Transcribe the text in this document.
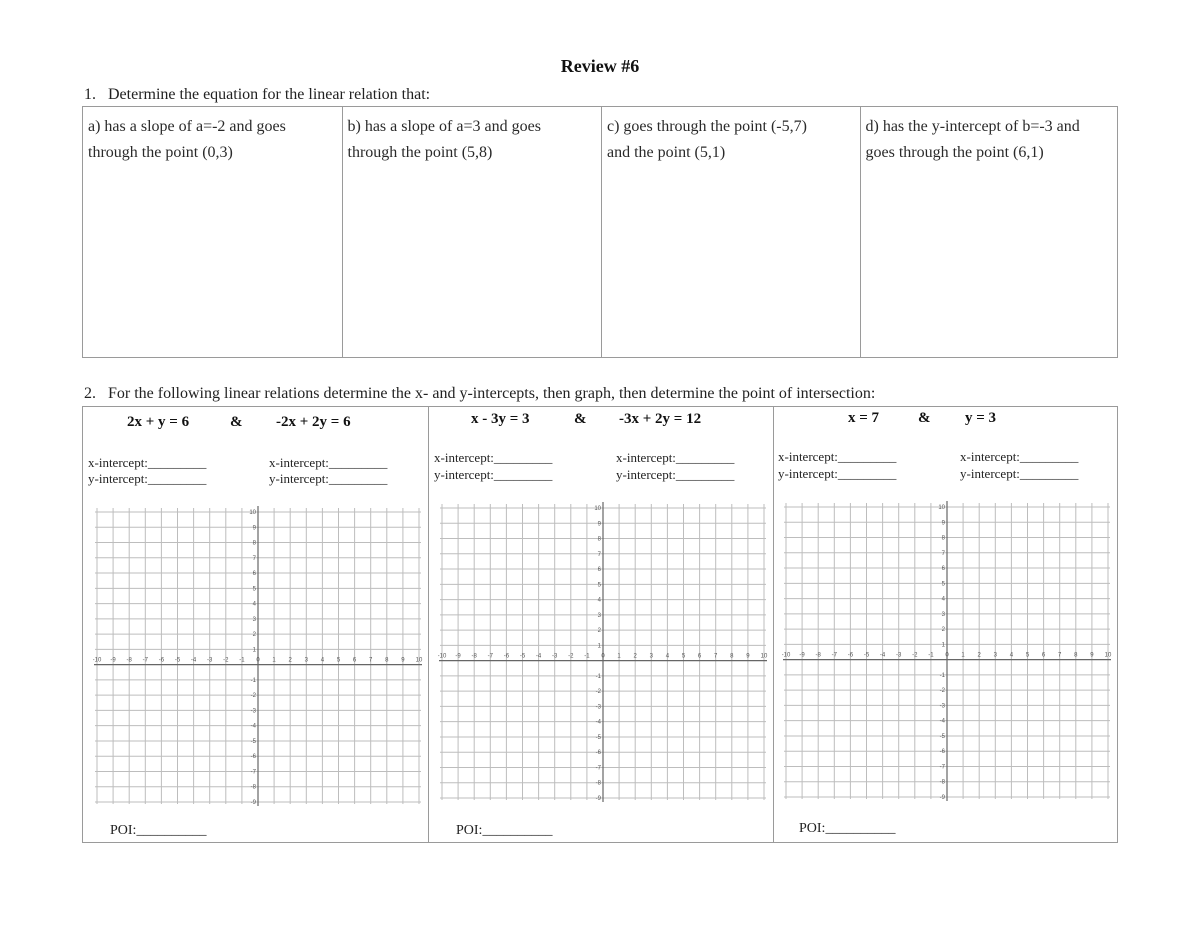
Review #6
1. Determine the equation for the linear relation that:
a) has a slope of a=-2 and goes
through the point (0,3)
b) has a slope of a=3 and goes
through the point (5,8)
c) goes through the point (-5,7)
and the point (5,1)
d) has the y-intercept of b=-3 and
goes through the point (6,1)
2. For the following linear relations determine the x- and y-intercepts, then graph, then determine the point of intersection:
2x + y = 6	& -2x + 2y = 6
x-intercept:_________
y-intercept:_________
x-intercept:_________
y-intercept:_________
-10 -9 -8 -7 -6 -5 -4 -3 -2 -1 0 1 2 3 4 5 6 7 8 9 10
-9
-8
-7
-6
-5
-4
-3
-2
-1
1
2
3
4
5
6
7
8
9
10
POI:__________
x - 3y = 3	& -3x + 2y = 12
x-intercept:_________
y-intercept:_________
x-intercept:_________
y-intercept:_________
-10 -9 -8 -7 -6 -5 -4 -3 -2 -1 0 1 2 3 4 5 6 7 8 9 10
-9
-8
-7
-6
-5
-4
-3
-2
-1
1
2
3
4
5
6
7
8
9
10
POI:__________
x = 7	& y = 3
x-intercept:_________
y-intercept:_________
x-intercept:_________
y-intercept:_________
-10 -9 -8 -7 -6 -5 -4 -3 -2 -1 0 1 2 3 4 5 6 7 8 9 10
-9
-8
-7
-6
-5
-4
-3
-2
-1
1
2
3
4
5
6
7
8
9
10
POI:__________
